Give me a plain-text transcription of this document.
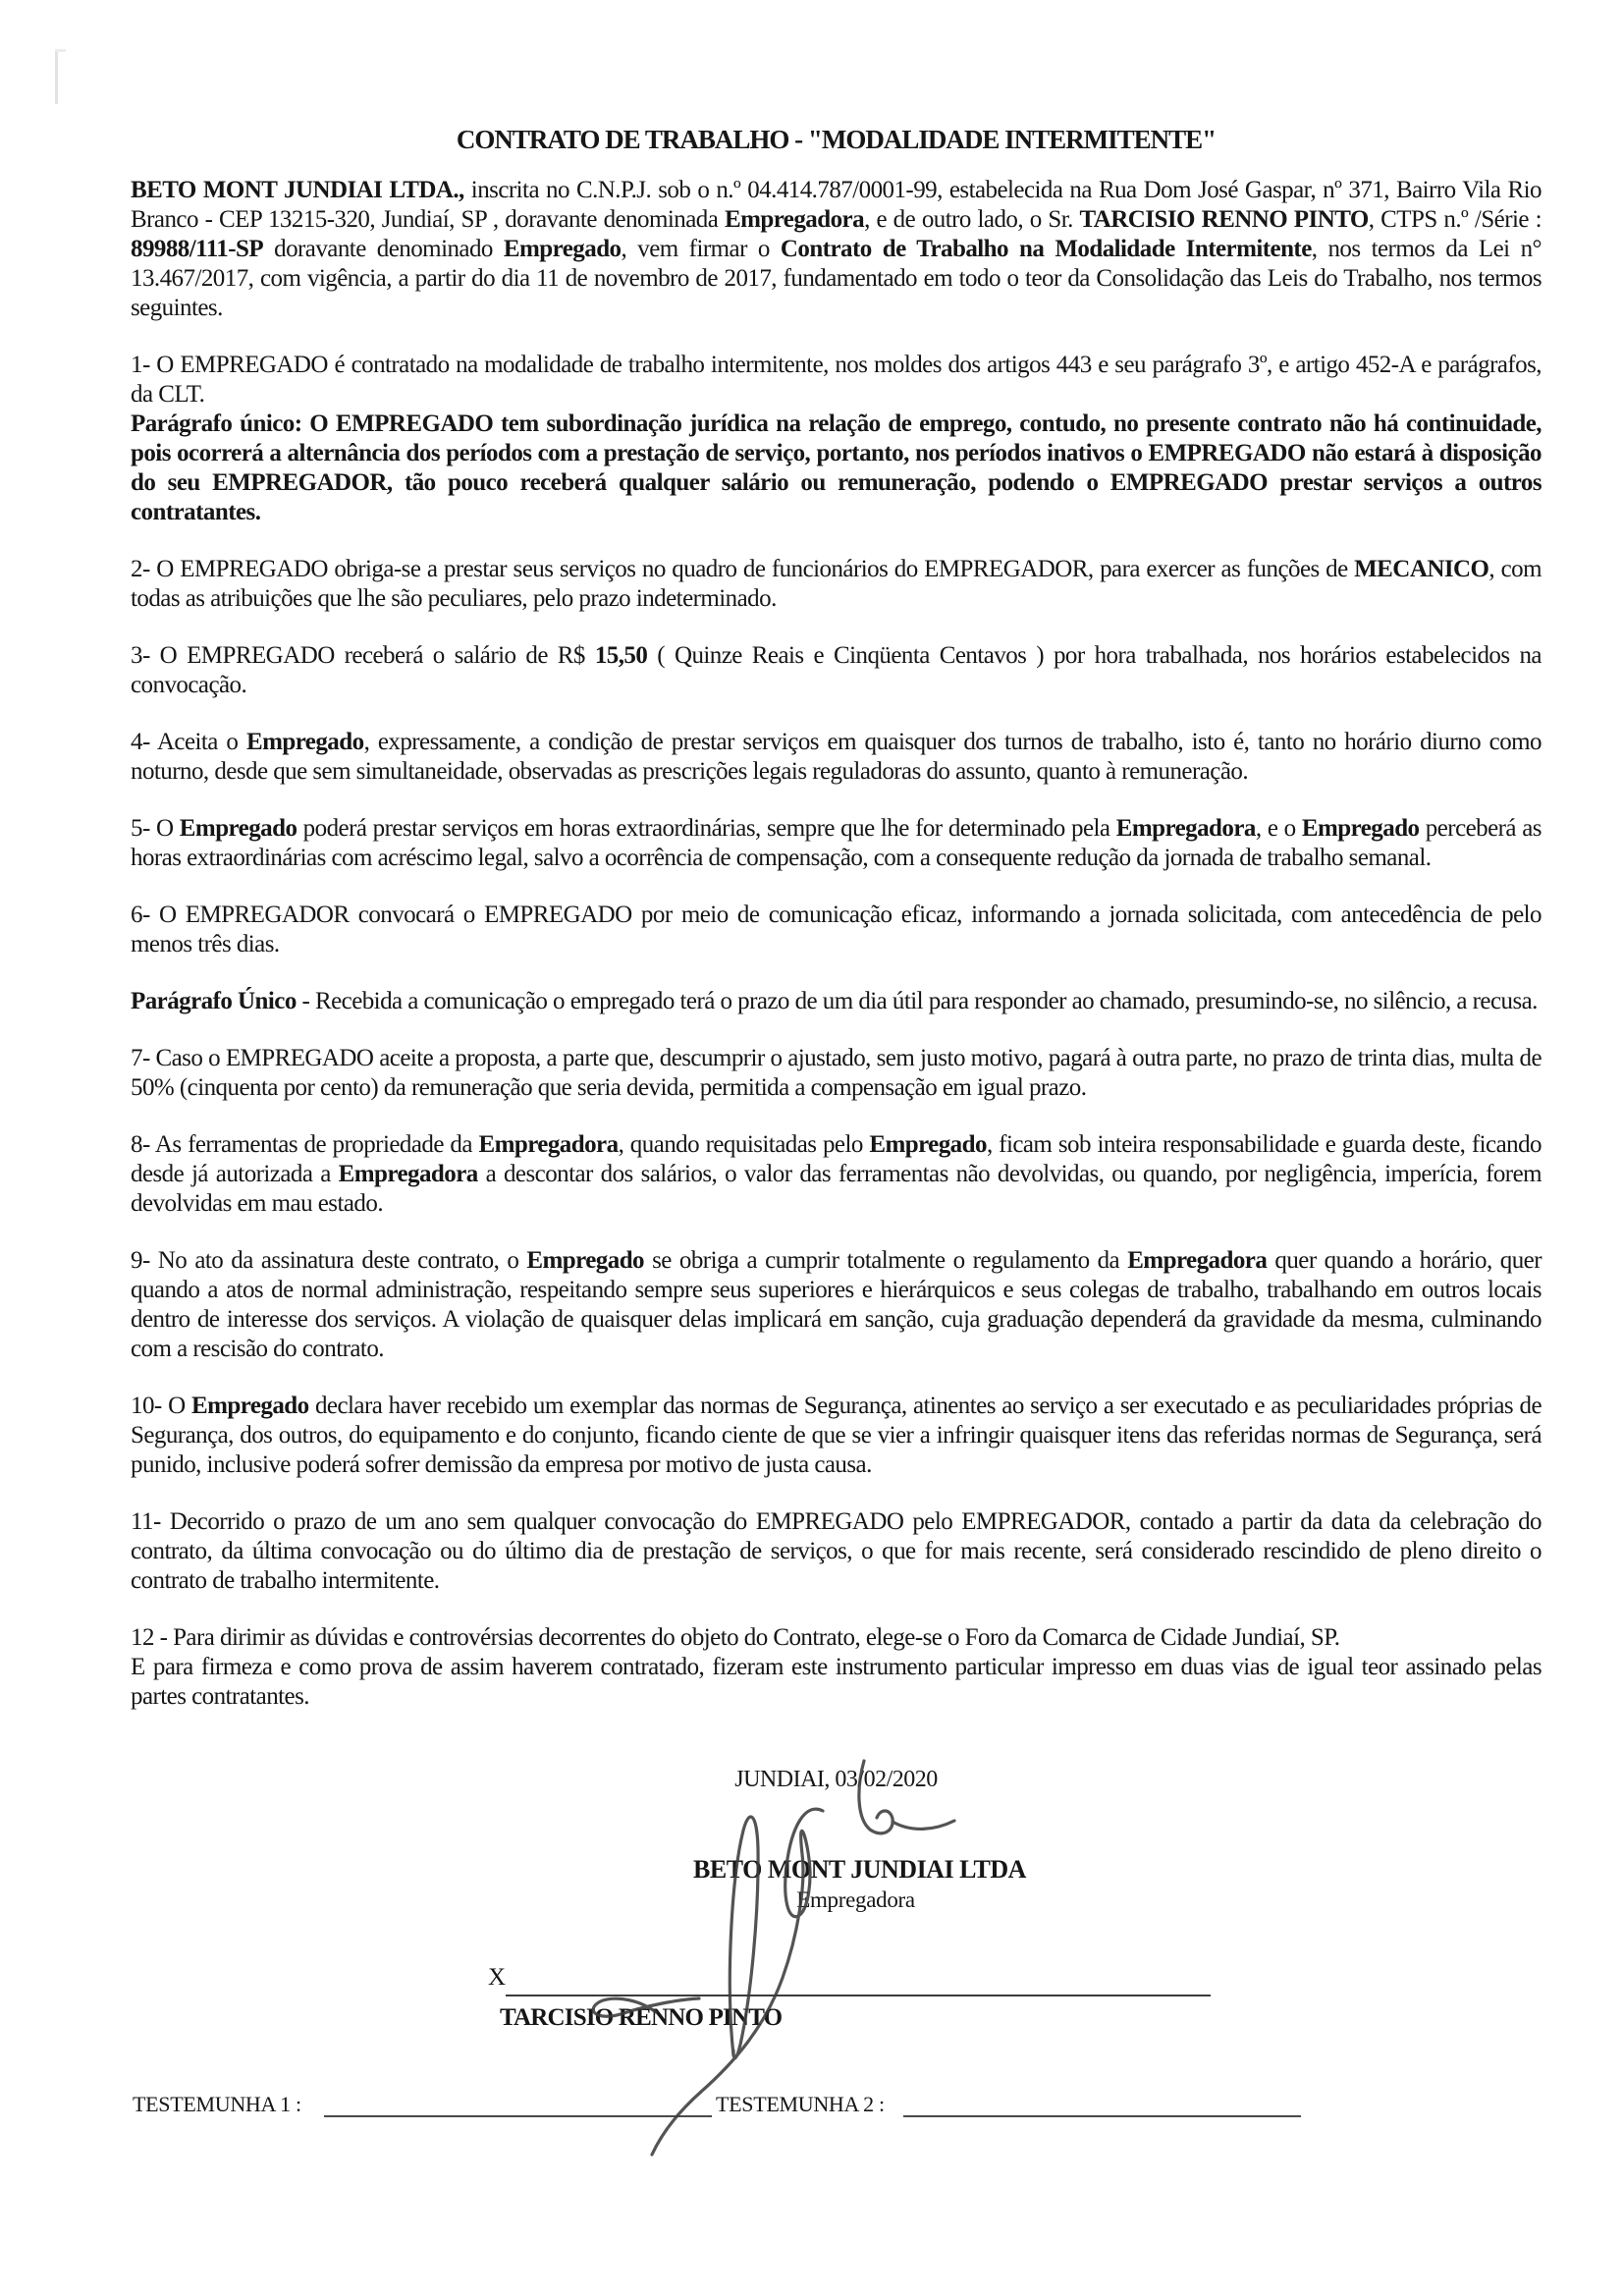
CONTRATO DE TRABALHO - "MODALIDADE INTERMITENTE"

BETO MONT JUNDIAI LTDA., inscrita no C.N.P.J. sob o n.º 04.414.787/0001-99, estabelecida na Rua Dom José Gaspar, nº 371, Bairro Vila Rio Branco - CEP 13215-320, Jundiaí, SP , doravante denominada Empregadora, e de outro lado, o Sr. TARCISIO RENNO PINTO, CTPS n.º /Série : 89988/111-SP doravante denominado Empregado, vem firmar o Contrato de Trabalho na Modalidade Intermitente, nos termos da Lei n° 13.467/2017, com vigência, a partir do dia 11 de novembro de 2017, fundamentado em todo o teor da Consolidação das Leis do Trabalho, nos termos seguintes.

1- O EMPREGADO é contratado na modalidade de trabalho intermitente, nos moldes dos artigos 443 e seu parágrafo 3º, e artigo 452-A e parágrafos, da CLT.

Parágrafo único: O EMPREGADO tem subordinação jurídica na relação de emprego, contudo, no presente contrato não há continuidade, pois ocorrerá a alternância dos períodos com a prestação de serviço, portanto, nos períodos inativos o EMPREGADO não estará à disposição do seu EMPREGADOR, tão pouco receberá qualquer salário ou remuneração, podendo o EMPREGADO prestar serviços a outros contratantes.

2- O EMPREGADO obriga-se a prestar seus serviços no quadro de funcionários do EMPREGADOR, para exercer as funções de MECANICO, com todas as atribuições que lhe são peculiares, pelo prazo indeterminado.

3- O EMPREGADO receberá o salário de R$ 15,50 ( Quinze Reais e Cinqüenta Centavos ) por hora trabalhada, nos horários estabelecidos na convocação.

4- Aceita o Empregado, expressamente, a condição de prestar serviços em quaisquer dos turnos de trabalho, isto é, tanto no horário diurno como noturno, desde que sem simultaneidade, observadas as prescrições legais reguladoras do assunto, quanto à remuneração.

5- O Empregado poderá prestar serviços em horas extraordinárias, sempre que lhe for determinado pela Empregadora, e o Empregado perceberá as horas extraordinárias com acréscimo legal, salvo a ocorrência de compensação, com a consequente redução da jornada de trabalho semanal.

6- O EMPREGADOR convocará o EMPREGADO por meio de comunicação eficaz, informando a jornada solicitada, com antecedência de pelo menos três dias.

Parágrafo Único - Recebida a comunicação o empregado terá o prazo de um dia útil para responder ao chamado, presumindo-se, no silêncio, a recusa.

7- Caso o EMPREGADO aceite a proposta, a parte que, descumprir o ajustado, sem justo motivo, pagará à outra parte, no prazo de trinta dias, multa de 50% (cinquenta por cento) da remuneração que seria devida, permitida a compensação em igual prazo.

8- As ferramentas de propriedade da Empregadora, quando requisitadas pelo Empregado, ficam sob inteira responsabilidade e guarda deste, ficando desde já autorizada a Empregadora a descontar dos salários, o valor das ferramentas não devolvidas, ou quando, por negligência, imperícia, forem devolvidas em mau estado.

9- No ato da assinatura deste contrato, o Empregado se obriga a cumprir totalmente o regulamento da Empregadora quer quando a horário, quer quando a atos de normal administração, respeitando sempre seus superiores e hierárquicos e seus colegas de trabalho, trabalhando em outros locais dentro de interesse dos serviços. A violação de quaisquer delas implicará em sanção, cuja graduação dependerá da gravidade da mesma, culminando com a rescisão do contrato.

10- O Empregado declara haver recebido um exemplar das normas de Segurança, atinentes ao serviço a ser executado e as peculiaridades próprias de Segurança, dos outros, do equipamento e do conjunto, ficando ciente de que se vier a infringir quaisquer itens das referidas normas de Segurança, será punido, inclusive poderá sofrer demissão da empresa por motivo de justa causa.

11- Decorrido o prazo de um ano sem qualquer convocação do EMPREGADO pelo EMPREGADOR, contado a partir da data da celebração do contrato, da última convocação ou do último dia de prestação de serviços, o que for mais recente, será considerado rescindido de pleno direito o contrato de trabalho intermitente.

12 - Para dirimir as dúvidas e controvérsias decorrentes do objeto do Contrato, elege-se o Foro da Comarca de Cidade Jundiaí, SP.

E para firmeza e como prova de assim haverem contratado, fizeram este instrumento particular impresso em duas vias de igual teor assinado pelas partes contratantes.

JUNDIAI, 03/02/2020
BETO MONT JUNDIAI LTDA
Empregadora
X
TARCISIO RENNO PINTO
TESTEMUNHA 1 :	TESTEMUNHA 2 :
